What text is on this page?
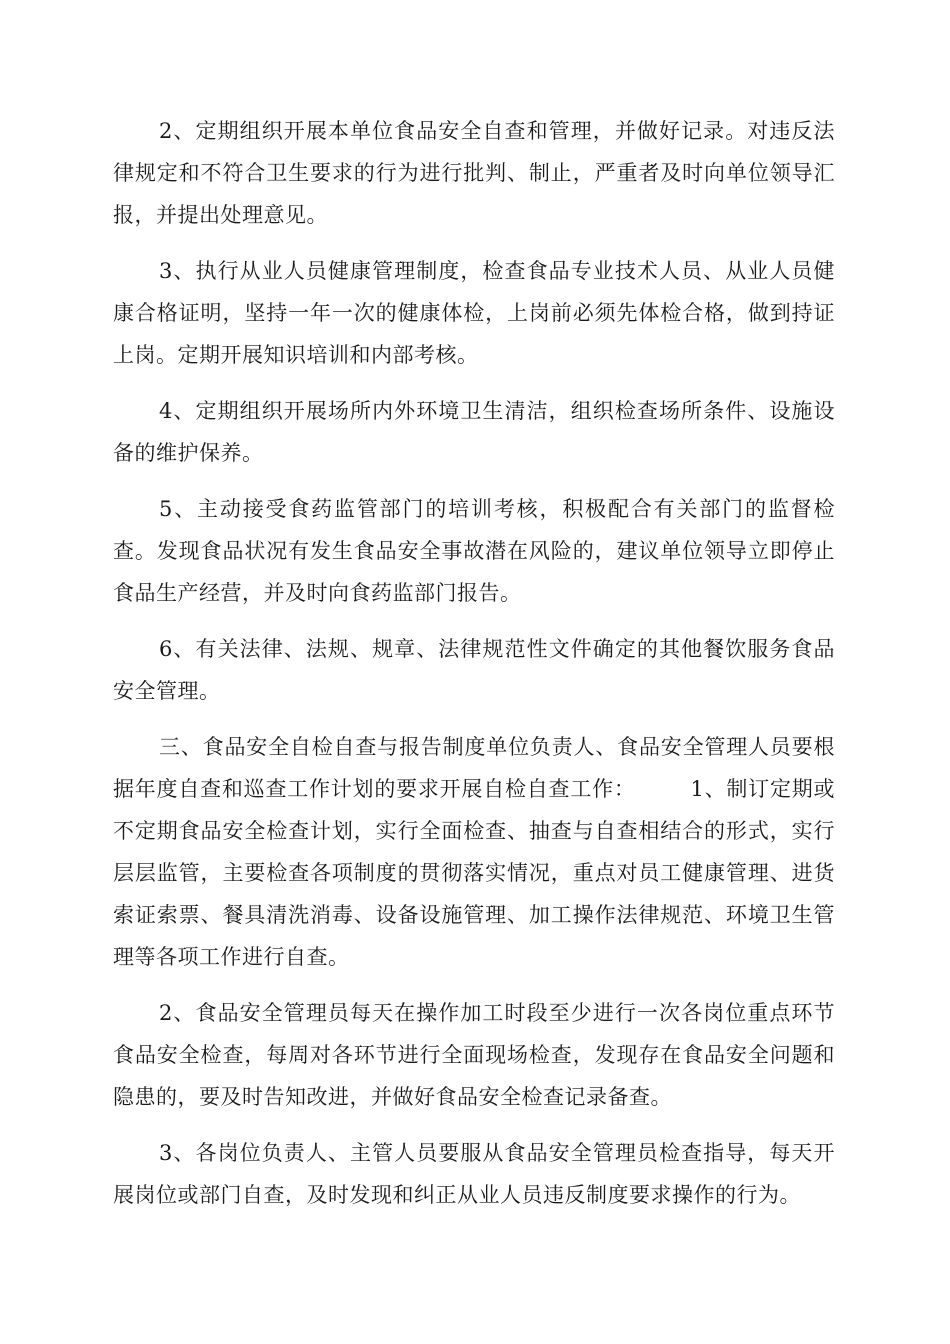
2、定期组织开展本单位食品安全自查和管理，并做好记录。对违反法律规定和不符合卫生要求的行为进行批判、制止，严重者及时向单位领导汇报，并提出处理意见。

3、执行从业人员健康管理制度，检查食品专业技术人员、从业人员健康合格证明，坚持一年一次的健康体检，上岗前必须先体检合格，做到持证上岗。定期开展知识培训和内部考核。

4、定期组织开展场所内外环境卫生清洁，组织检查场所条件、设施设备的维护保养。

5、主动接受食药监管部门的培训考核，积极配合有关部门的监督检查。发现食品状况有发生食品安全事故潜在风险的，建议单位领导立即停止食品生产经营，并及时向食药监部门报告。

6、有关法律、法规、规章、法律规范性文件确定的其他餐饮服务食品安全管理。

三、食品安全自检自查与报告制度单位负责人、食品安全管理人员要根据年度自查和巡查工作计划的要求开展自检自查工作：　　　1、制订定期或不定期食品安全检查计划，实行全面检查、抽查与自查相结合的形式，实行层层监管，主要检查各项制度的贯彻落实情况，重点对员工健康管理、进货索证索票、餐具清洗消毒、设备设施管理、加工操作法律规范、环境卫生管理等各项工作进行自查。

2、食品安全管理员每天在操作加工时段至少进行一次各岗位重点环节食品安全检查，每周对各环节进行全面现场检查，发现存在食品安全问题和隐患的，要及时告知改进，并做好食品安全检查记录备查。

3、各岗位负责人、主管人员要服从食品安全管理员检查指导，每天开展岗位或部门自查，及时发现和纠正从业人员违反制度要求操作的行为。
